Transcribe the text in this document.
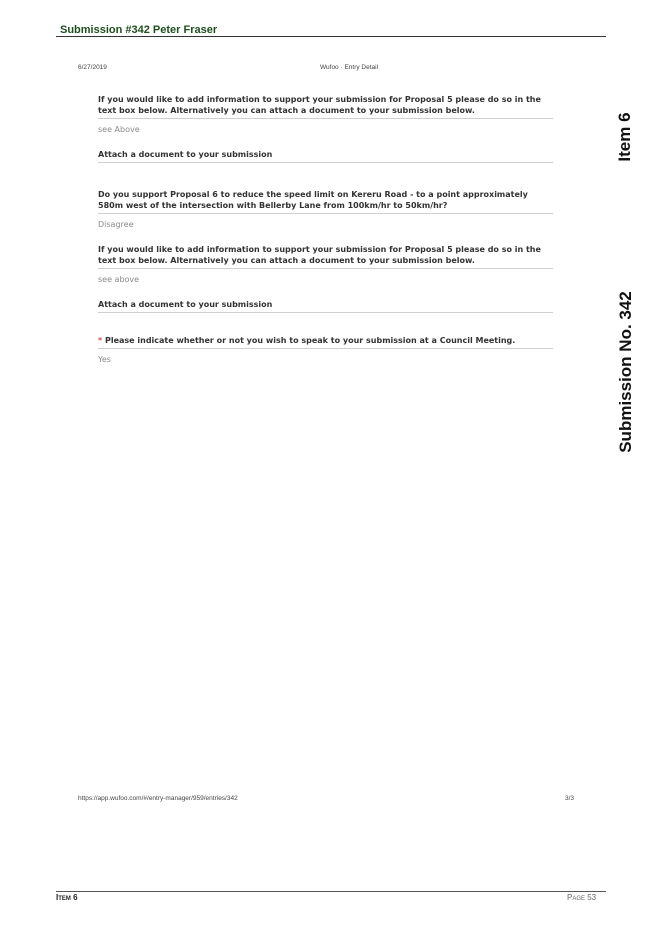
Submission #342 Peter Fraser
6/27/2019	Wufoo · Entry Detail
If you would like to add information to support your submission for Proposal 5 please do so in the text box below. Alternatively you can attach a document to your submission below.
see Above
Attach a document to your submission
Do you support Proposal 6 to reduce the speed limit on Kereru Road - to a point approximately 580m west of the intersection with Bellerby Lane from 100km/hr to 50km/hr?
Disagree
If you would like to add information to support your submission for Proposal 5 please do so in the text box below. Alternatively you can attach a document to your submission below.
see above
Attach a document to your submission
* Please indicate whether or not you wish to speak to your submission at a Council Meeting.
Yes
https://app.wufoo.com/#/entry-manager/959/entries/342	3/3
Item 6
Submission No. 342
Item 6	Page 53
